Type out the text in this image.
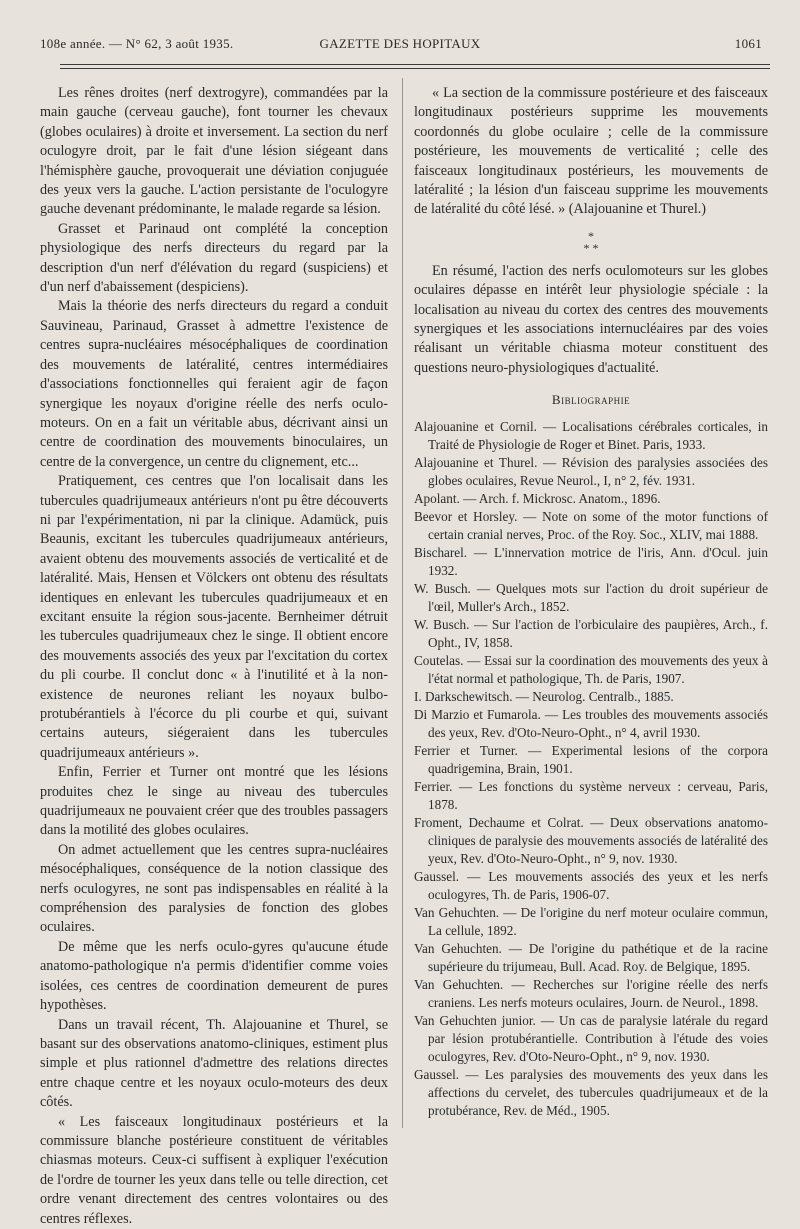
108e année. — N° 62, 3 août 1935.	GAZETTE DES HOPITAUX	1061

Les rênes droites (nerf dextrogyre), commandées par la main gauche (cerveau gauche), font tourner les chevaux (globes oculaires) à droite et inversement. La section du nerf oculogyre droit, par le fait d'une lésion siégeant dans l'hémisphère gauche, provoquerait une déviation conjuguée des yeux vers la gauche. L'action persistante de l'oculogyre gauche devenant prédominante, le malade regarde sa lésion.

Grasset et Parinaud ont complété la conception physiologique des nerfs directeurs du regard par la description d'un nerf d'élévation du regard (suspiciens) et d'un nerf d'abaissement (despiciens).

Mais la théorie des nerfs directeurs du regard a conduit Sauvineau, Parinaud, Grasset à admettre l'existence de centres supra-nucléaires mésocéphaliques de coordination des mouvements de latéralité, centres intermédiaires d'associations fonctionnelles qui feraient agir de façon synergique les noyaux d'origine réelle des nerfs oculo-moteurs. On en a fait un véritable abus, décrivant ainsi un centre de coordination des mouvements binoculaires, un centre de la convergence, un centre du clignement, etc...

Pratiquement, ces centres que l'on localisait dans les tubercules quadrijumeaux antérieurs n'ont pu être découverts ni par l'expérimentation, ni par la clinique. Adamück, puis Beaunis, excitant les tubercules quadrijumeaux antérieurs, avaient obtenu des mouvements associés de verticalité et de latéralité. Mais, Hensen et Völckers ont obtenu des résultats identiques en enlevant les tubercules quadrijumeaux et en excitant ensuite la région sous-jacente. Bernheimer détruit les tubercules quadrijumeaux chez le singe. Il obtient encore des mouvements associés des yeux par l'excitation du cortex du pli courbe. Il conclut donc « à l'inutilité et à la non-existence de neurones reliant les noyaux bulbo-protubérantiels à l'écorce du pli courbe et qui, suivant certains auteurs, siégeraient dans les tubercules quadrijumeaux antérieurs ».

Enfin, Ferrier et Turner ont montré que les lésions produites chez le singe au niveau des tubercules quadrijumeaux ne pouvaient créer que des troubles passagers dans la motilité des globes oculaires.

On admet actuellement que les centres supra-nucléaires mésocéphaliques, conséquence de la notion classique des nerfs oculogyres, ne sont pas indispensables en réalité à la compréhension des paralysies de fonction des globes oculaires.

De même que les nerfs oculo-gyres qu'aucune étude anatomo-pathologique n'a permis d'identifier comme voies isolées, ces centres de coordination demeurent de pures hypothèses.

Dans un travail récent, Th. Alajouanine et Thurel, se basant sur des observations anatomo-cliniques, estiment plus simple et plus rationnel d'admettre des relations directes entre chaque centre et les noyaux oculo-moteurs des deux côtés.

« Les faisceaux longitudinaux postérieurs et la commissure blanche postérieure constituent de véritables chiasmas moteurs. Ceux-ci suffisent à expliquer l'exécution de l'ordre de tourner les yeux dans telle ou telle direction, cet ordre venant directement des centres volontaires ou des centres réflexes.

« La section de la commissure postérieure et des faisceaux longitudinaux postérieurs supprime les mouvements coordonnés du globe oculaire ; celle de la commissure postérieure, les mouvements de verticalité ; celle des faisceaux longitudinaux postérieurs, les mouvements de latéralité ; la lésion d'un faisceau supprime les mouvements de latéralité du côté lésé. » (Alajouanine et Thurel.)

*
* *

En résumé, l'action des nerfs oculomoteurs sur les globes oculaires dépasse en intérêt leur physiologie spéciale : la localisation au niveau du cortex des centres des mouvements synergiques et les associations internucléaires par des voies réalisant un véritable chiasma moteur constituent des questions neuro-physiologiques d'actualité.

Bibliographie
Alajouanine et Cornil. — Localisations cérébrales corticales, in Traité de Physiologie de Roger et Binet. Paris, 1933.
Alajouanine et Thurel. — Révision des paralysies associées des globes oculaires, Revue Neurol., I, n° 2, fév. 1931.
Apolant. — Arch. f. Mickrosc. Anatom., 1896.
Beevor et Horsley. — Note on some of the motor functions of certain cranial nerves, Proc. of the Roy. Soc., XLIV, mai 1888.
Bischarel. — L'innervation motrice de l'iris, Ann. d'Ocul. juin 1932.
W. Busch. — Quelques mots sur l'action du droit supérieur de l'œil, Muller's Arch., 1852.
W. Busch. — Sur l'action de l'orbiculaire des paupières, Arch., f. Opht., IV, 1858.
Coutelas. — Essai sur la coordination des mouvements des yeux à l'état normal et pathologique, Th. de Paris, 1907.
I. Darkschewitsch. — Neurolog. Centralb., 1885.
Di Marzio et Fumarola. — Les troubles des mouvements associés des yeux, Rev. d'Oto-Neuro-Opht., n° 4, avril 1930.
Ferrier et Turner. — Experimental lesions of the corpora quadrigemina, Brain, 1901.
Ferrier. — Les fonctions du système nerveux : cerveau, Paris, 1878.
Froment, Dechaume et Colrat. — Deux observations anatomo-cliniques de paralysie des mouvements associés de latéralité des yeux, Rev. d'Oto-Neuro-Opht., n° 9, nov. 1930.
Gaussel. — Les mouvements associés des yeux et les nerfs oculogyres, Th. de Paris, 1906-07.
Van Gehuchten. — De l'origine du nerf moteur oculaire commun, La cellule, 1892.
Van Gehuchten. — De l'origine du pathétique et de la racine supérieure du trijumeau, Bull. Acad. Roy. de Belgique, 1895.
Van Gehuchten. — Recherches sur l'origine réelle des nerfs craniens. Les nerfs moteurs oculaires, Journ. de Neurol., 1898.
Van Gehuchten junior. — Un cas de paralysie latérale du regard par lésion protubérantielle. Contribution à l'étude des voies oculogyres, Rev. d'Oto-Neuro-Opht., n° 9, nov. 1930.
Gaussel. — Les paralysies des mouvements des yeux dans les affections du cervelet, des tubercules quadrijumeaux et de la protubérance, Rev. de Méd., 1905.
